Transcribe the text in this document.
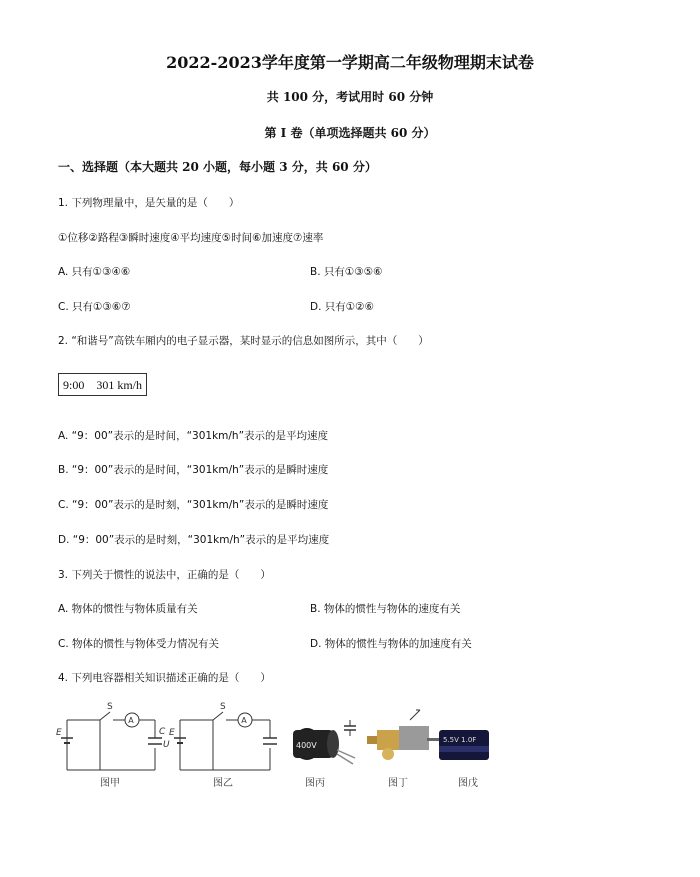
2022-2023学年度第一学期高二年级物理期末试卷
共 100 分，考试用时 60 分钟
第 I 卷（单项选择题共 60 分）
一、选择题（本大题共 20 小题，每小题 3 分，共 60 分）
1. 下列物理量中，是矢量的是（　　）
①位移②路程③瞬时速度④平均速度⑤时间⑥加速度⑦速率
A. 只有①③④⑥	B. 只有①③⑤⑥
C. 只有①③⑥⑦	D. 只有①②⑥
2. “和谐号”高铁车厢内的电子显示器，某时显示的信息如图所示，其中（　　）
9:00　301 km/h
A. “9：00”表示的是时间，“301km/h”表示的是平均速度
B. “9：00”表示的是时间，“301km/h”表示的是瞬时速度
C. “9：00”表示的是时刻，“301km/h”表示的是瞬时速度
D. “9：00”表示的是时刻，“301km/h”表示的是平均速度
3. 下列关于惯性的说法中，正确的是（　　）
A. 物体的惯性与物体质量有关	B. 物体的惯性与物体的速度有关
C. 物体的惯性与物体受力情况有关	D. 物体的惯性与物体的加速度有关
4. 下列电容器相关知识描述正确的是（　　）
A
S
E	C
U
图甲
A
S
E
图乙
400V
图丙	图丁
5.5V 1.0F
图戊
